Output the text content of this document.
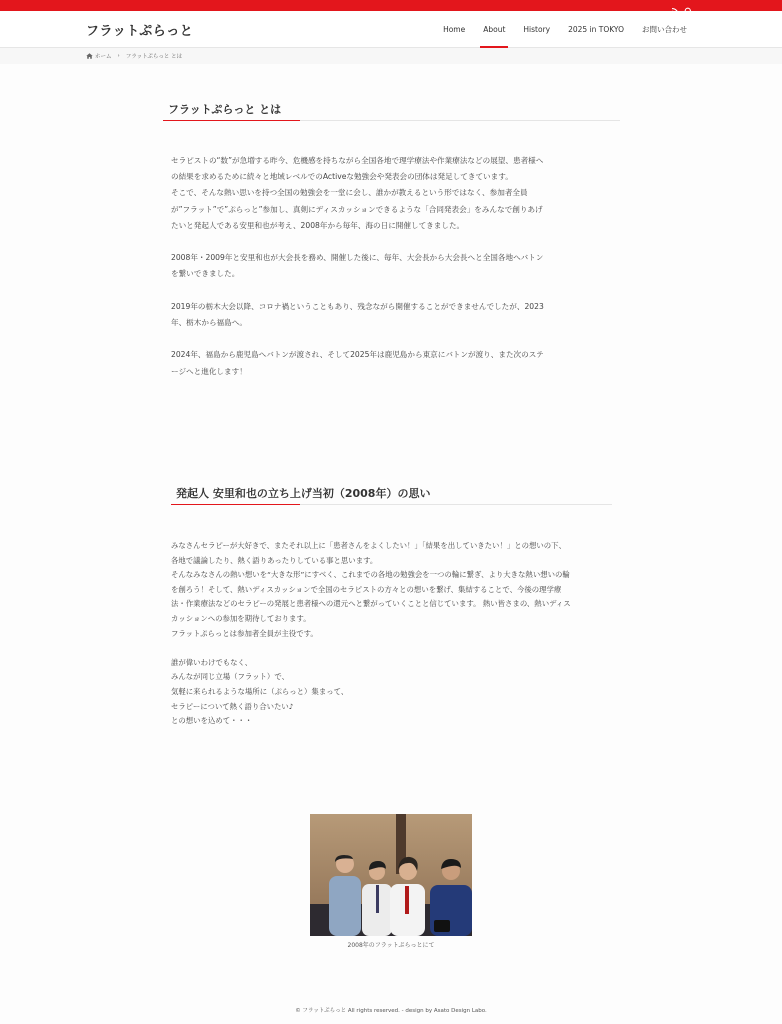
フラットぷらっと	Home	About	History	2025 in TOKYO	お問い合わせ
ホーム › フラットぷらっと とは
フラットぷらっと とは
セラピストの“数”が急増する昨今、危機感を持ちながら全国各地で理学療法や作業療法などの展望、患者様へ
の結果を求めるために続々と地域レベルでのActiveな勉強会や発表会の団体は発足してきています。
そこで、そんな熱い思いを持つ全国の勉強会を一堂に会し、誰かが教えるという形ではなく、参加者全員
が”フラット”で”ぷらっと”参加し、真剣にディスカッションできるような「合同発表会」をみんなで創りあげ
たいと発起人である安里和也が考え、2008年から毎年、海の日に開催してきました。

2008年・2009年と安里和也が大会長を務め、開催した後に、毎年、大会長から大会長へと全国各地へバトン
を繋いできました。

2019年の栃木大会以降、コロナ禍ということもあり、残念ながら開催することができませんでしたが、2023
年、栃木から福島へ。

2024年、福島から鹿児島へバトンが渡され、そして2025年は鹿児島から東京にバトンが渡り、また次のステ
ージへと進化します！
発起人 安里和也の立ち上げ当初（2008年）の思い
みなさんセラピーが大好きで、またそれ以上に「患者さんをよくしたい！」「結果を出していきたい！」との想いの下、
各地で議論したり、熱く語りあったりしている事と思います。
そんなみなさんの熱い想いを“大きな形”にすべく、これまでの各地の勉強会を一つの輪に繋ぎ、より大きな熱い想いの輪
を創ろう！そして、熱いディスカッションで全国のセラピストの方々との想いを繋げ、集結することで、今後の理学療
法・作業療法などのセラピーの発展と患者様への還元へと繋がっていくことと信じています。 熱い皆さまの、熱いディス
カッションへの参加を期待しております。
フラットぷらっとは参加者全員が主役です。

誰が偉いわけでもなく、
みんなが同じ立場（フラット）で、
気軽に来られるような場所に（ぷらっと）集まって、
セラピーについて熱く語り合いたい♪
との想いを込めて・・・
2008年のフラットぷらっとにて
© フラットぷらっと All rights reserved. - design by Asato Design Labo.
